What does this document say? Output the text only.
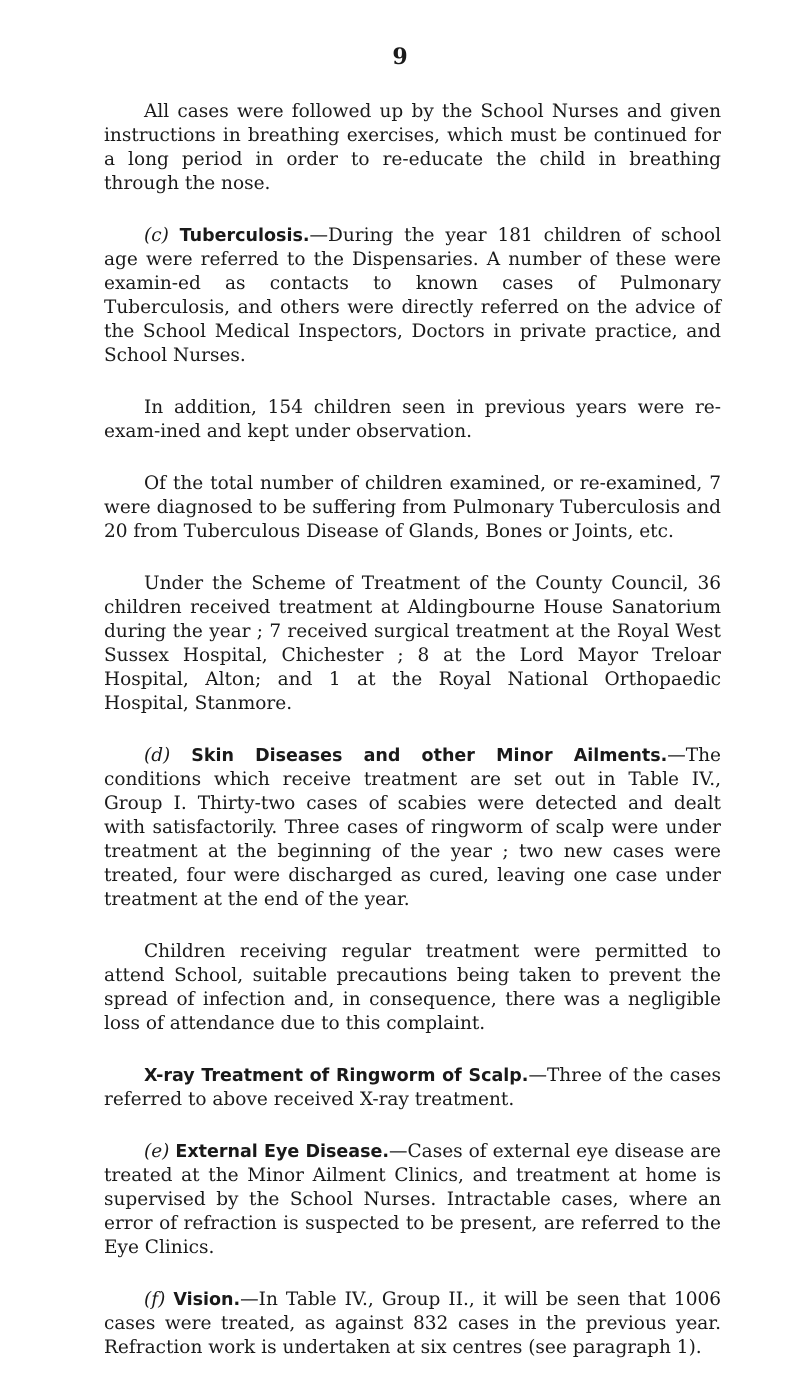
9

All cases were followed up by the School Nurses and given instructions in breathing exercises, which must be continued for a long period in order to re-educate the child in breathing through the nose.

(c) Tuberculosis.—During the year 181 children of school age were referred to the Dispensaries. A number of these were examin-ed as contacts to known cases of Pulmonary Tuberculosis, and others were directly referred on the advice of the School Medical Inspectors, Doctors in private practice, and School Nurses.

In addition, 154 children seen in previous years were re-exam-ined and kept under observation.

Of the total number of children examined, or re-examined, 7 were diagnosed to be suffering from Pulmonary Tuberculosis and 20 from Tuberculous Disease of Glands, Bones or Joints, etc.

Under the Scheme of Treatment of the County Council, 36 children received treatment at Aldingbourne House Sanatorium during the year ; 7 received surgical treatment at the Royal West Sussex Hospital, Chichester ; 8 at the Lord Mayor Treloar Hospital, Alton; and 1 at the Royal National Orthopaedic Hospital, Stanmore.

(d) Skin Diseases and other Minor Ailments.—The conditions which receive treatment are set out in Table IV., Group I. Thirty-two cases of scabies were detected and dealt with satisfactorily. Three cases of ringworm of scalp were under treatment at the beginning of the year ; two new cases were treated, four were discharged as cured, leaving one case under treatment at the end of the year.

Children receiving regular treatment were permitted to attend School, suitable precautions being taken to prevent the spread of infection and, in consequence, there was a negligible loss of attendance due to this complaint.

X-ray Treatment of Ringworm of Scalp.—Three of the cases referred to above received X-ray treatment.

(e) External Eye Disease.—Cases of external eye disease are treated at the Minor Ailment Clinics, and treatment at home is supervised by the School Nurses. Intractable cases, where an error of refraction is suspected to be present, are referred to the Eye Clinics.

(f) Vision.—In Table IV., Group II., it will be seen that 1006 cases were treated, as against 832 cases in the previous year. Refraction work is undertaken at six centres (see paragraph 1).
